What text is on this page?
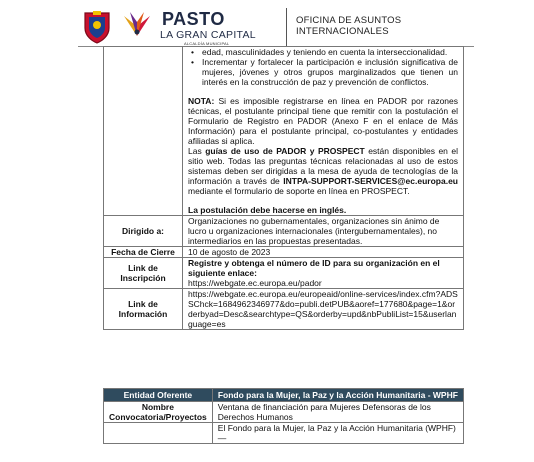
PASTO
LA GRAN CAPITAL
ALCALDÍA MUNICIPAL
OFICINA DE ASUNTOS
INTERNACIONALES

	• edad, masculinidades y teniendo en cuenta la interseccionalidad.
• Incrementar y fortalecer la participación e inclusión significativa de mujeres, jóvenes y otros grupos marginalizados que tienen un interés en la construcción de paz y prevención de conflictos.
NOTA: Si es imposible registrarse en línea en PADOR por razones técnicas, el postulante principal tiene que remitir con la postulación el Formulario de Registro en PADOR (Anexo F en el enlace de Más Información) para el postulante principal, co-postulantes y entidades afiliadas si aplica.
Las guías de uso de PADOR y PROSPECT están disponibles en el sitio web. Todas las preguntas técnicas relacionadas al uso de estos sistemas deben ser dirigidas a la mesa de ayuda de tecnologías de la información a través de INTPA-SUPPORT-SERVICES@ec.europa.eu mediante el formulario de soporte en línea en PROSPECT.
La postulación debe hacerse en inglés.

Dirigido a:	Organizaciones no gubernamentales, organizaciones sin ánimo de lucro u organizaciones internacionales (intergubernamentales), no intermediarios en las propuestas presentadas.
Fecha de Cierre	10 de agosto de 2023
Link de Inscripción	Registre y obtenga el número de ID para su organización en el siguiente enlace:
https://webgate.ec.europa.eu/pador

Link de Información	https://webgate.ec.europa.eu/europeaid/online-services/index.cfm?ADSSChck=1684962346977&do=publi.detPUB&aoref=177680&page=1&orderbyad=Desc&searchtype=QS&orderby=upd&nbPubliList=15&userlanguage=es
Entidad Oferente	Fondo para la Mujer, la Paz y la Acción Humanitaria - WPHF
Nombre Convocatoria/Proyectos	Ventana de financiación para Mujeres Defensoras de los Derechos Humanos
	El Fondo para la Mujer, la Paz y la Acción Humanitaria (WPHF) —
